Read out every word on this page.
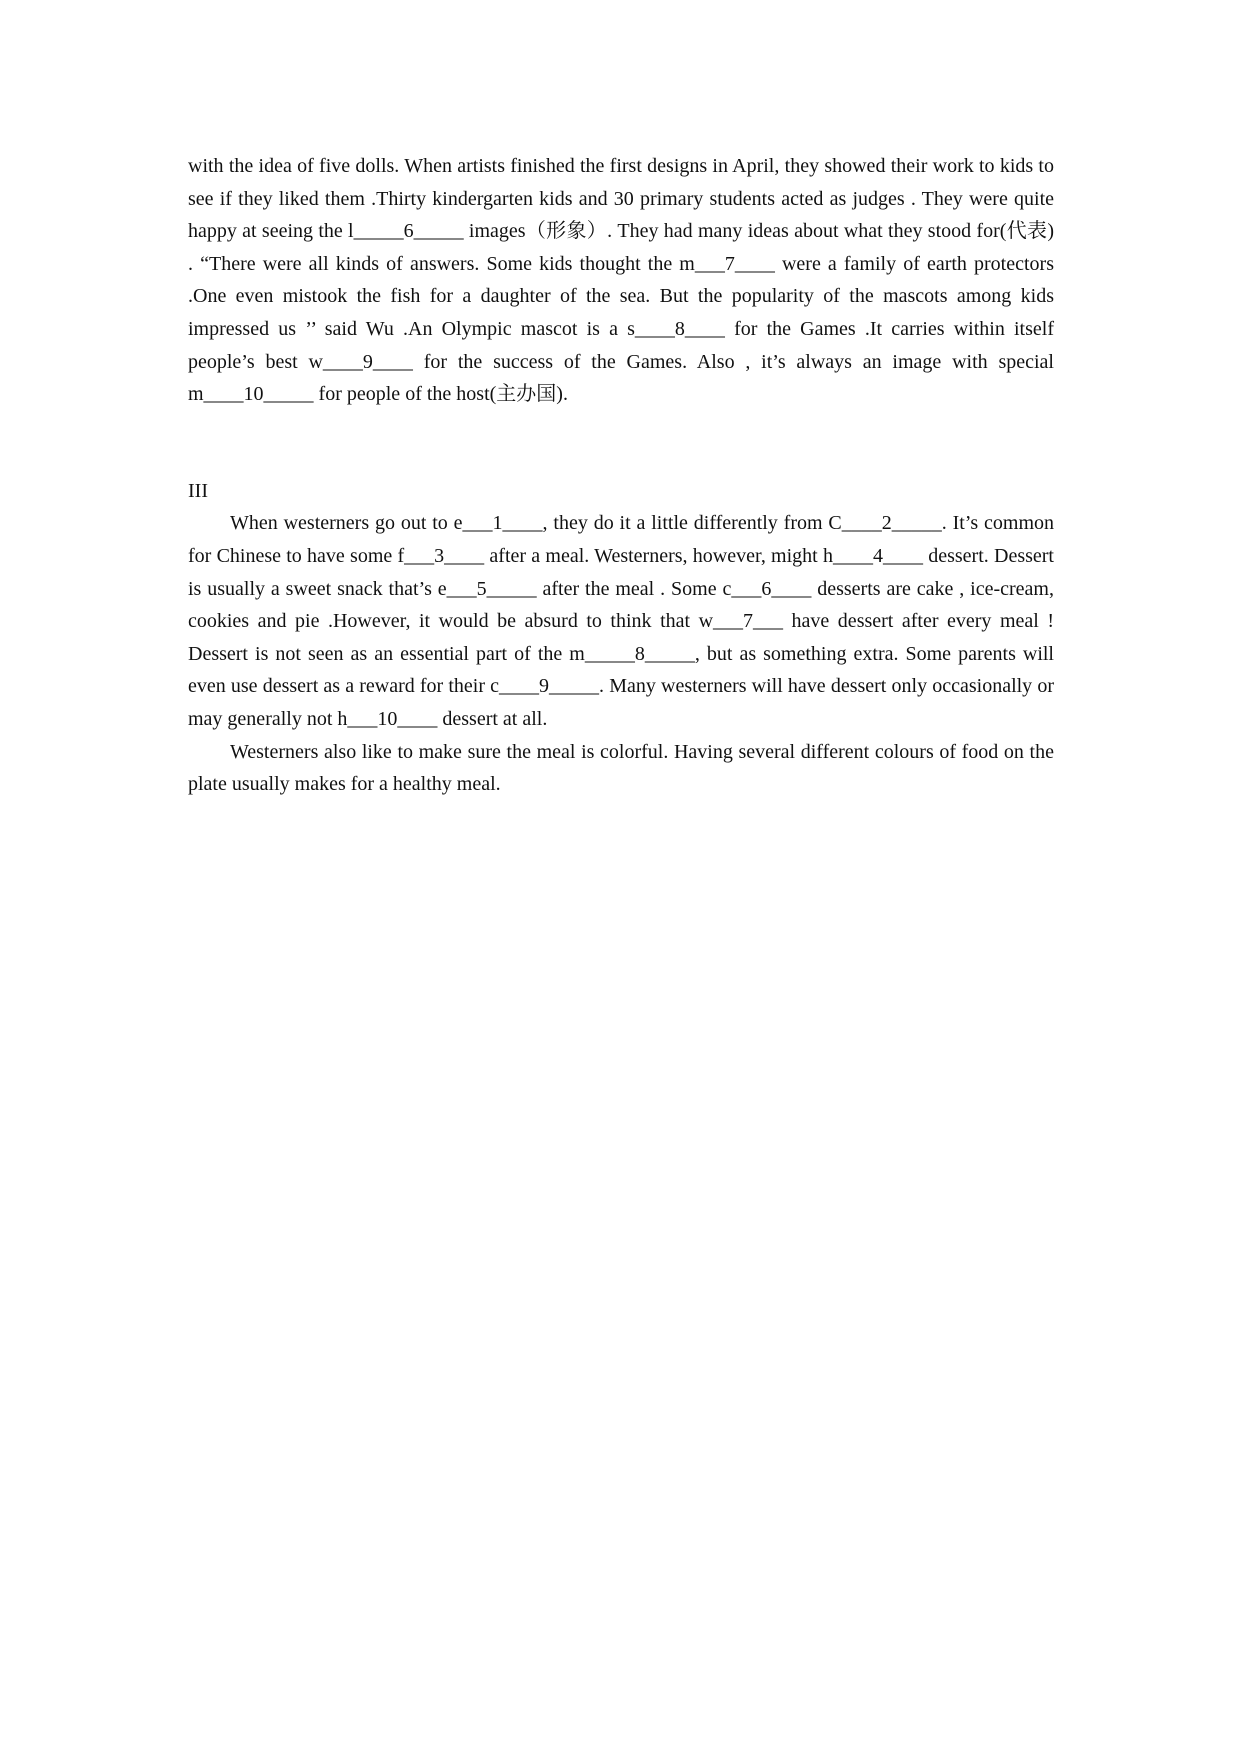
with the idea of five dolls. When artists finished the first designs in April, they showed their work to kids to see if they liked them .Thirty kindergarten kids and 30 primary students acted as judges . They were quite happy at seeing the l_____6_____ images（形象）. They had many ideas about what they stood for(代表) . “There were all kinds of answers. Some kids thought the m___7____ were a family of earth protectors .One even mistook the fish for a daughter of the sea. But the popularity of the mascots among kids impressed us ’’ said Wu .An Olympic mascot is a s____8____ for the Games .It carries within itself people’s best w____9____ for the success of the Games. Also , it’s always an image with special m____10_____ for people of the host(主办国).

III

When westerners go out to e___1____, they do it a little differently from C____2_____. It’s common for Chinese to have some f___3____ after a meal. Westerners, however, might h____4____ dessert. Dessert is usually a sweet snack that’s e___5_____ after the meal . Some c___6____ desserts are cake , ice-cream, cookies and pie .However, it would be absurd to think that w___7___ have dessert after every meal ! Dessert is not seen as an essential part of the m_____8_____, but as something extra. Some parents will even use dessert as a reward for their c____9_____. Many westerners will have dessert only occasionally or may generally not h___10____ dessert at all.

Westerners also like to make sure the meal is colorful. Having several different colours of food on the plate usually makes for a healthy meal.
